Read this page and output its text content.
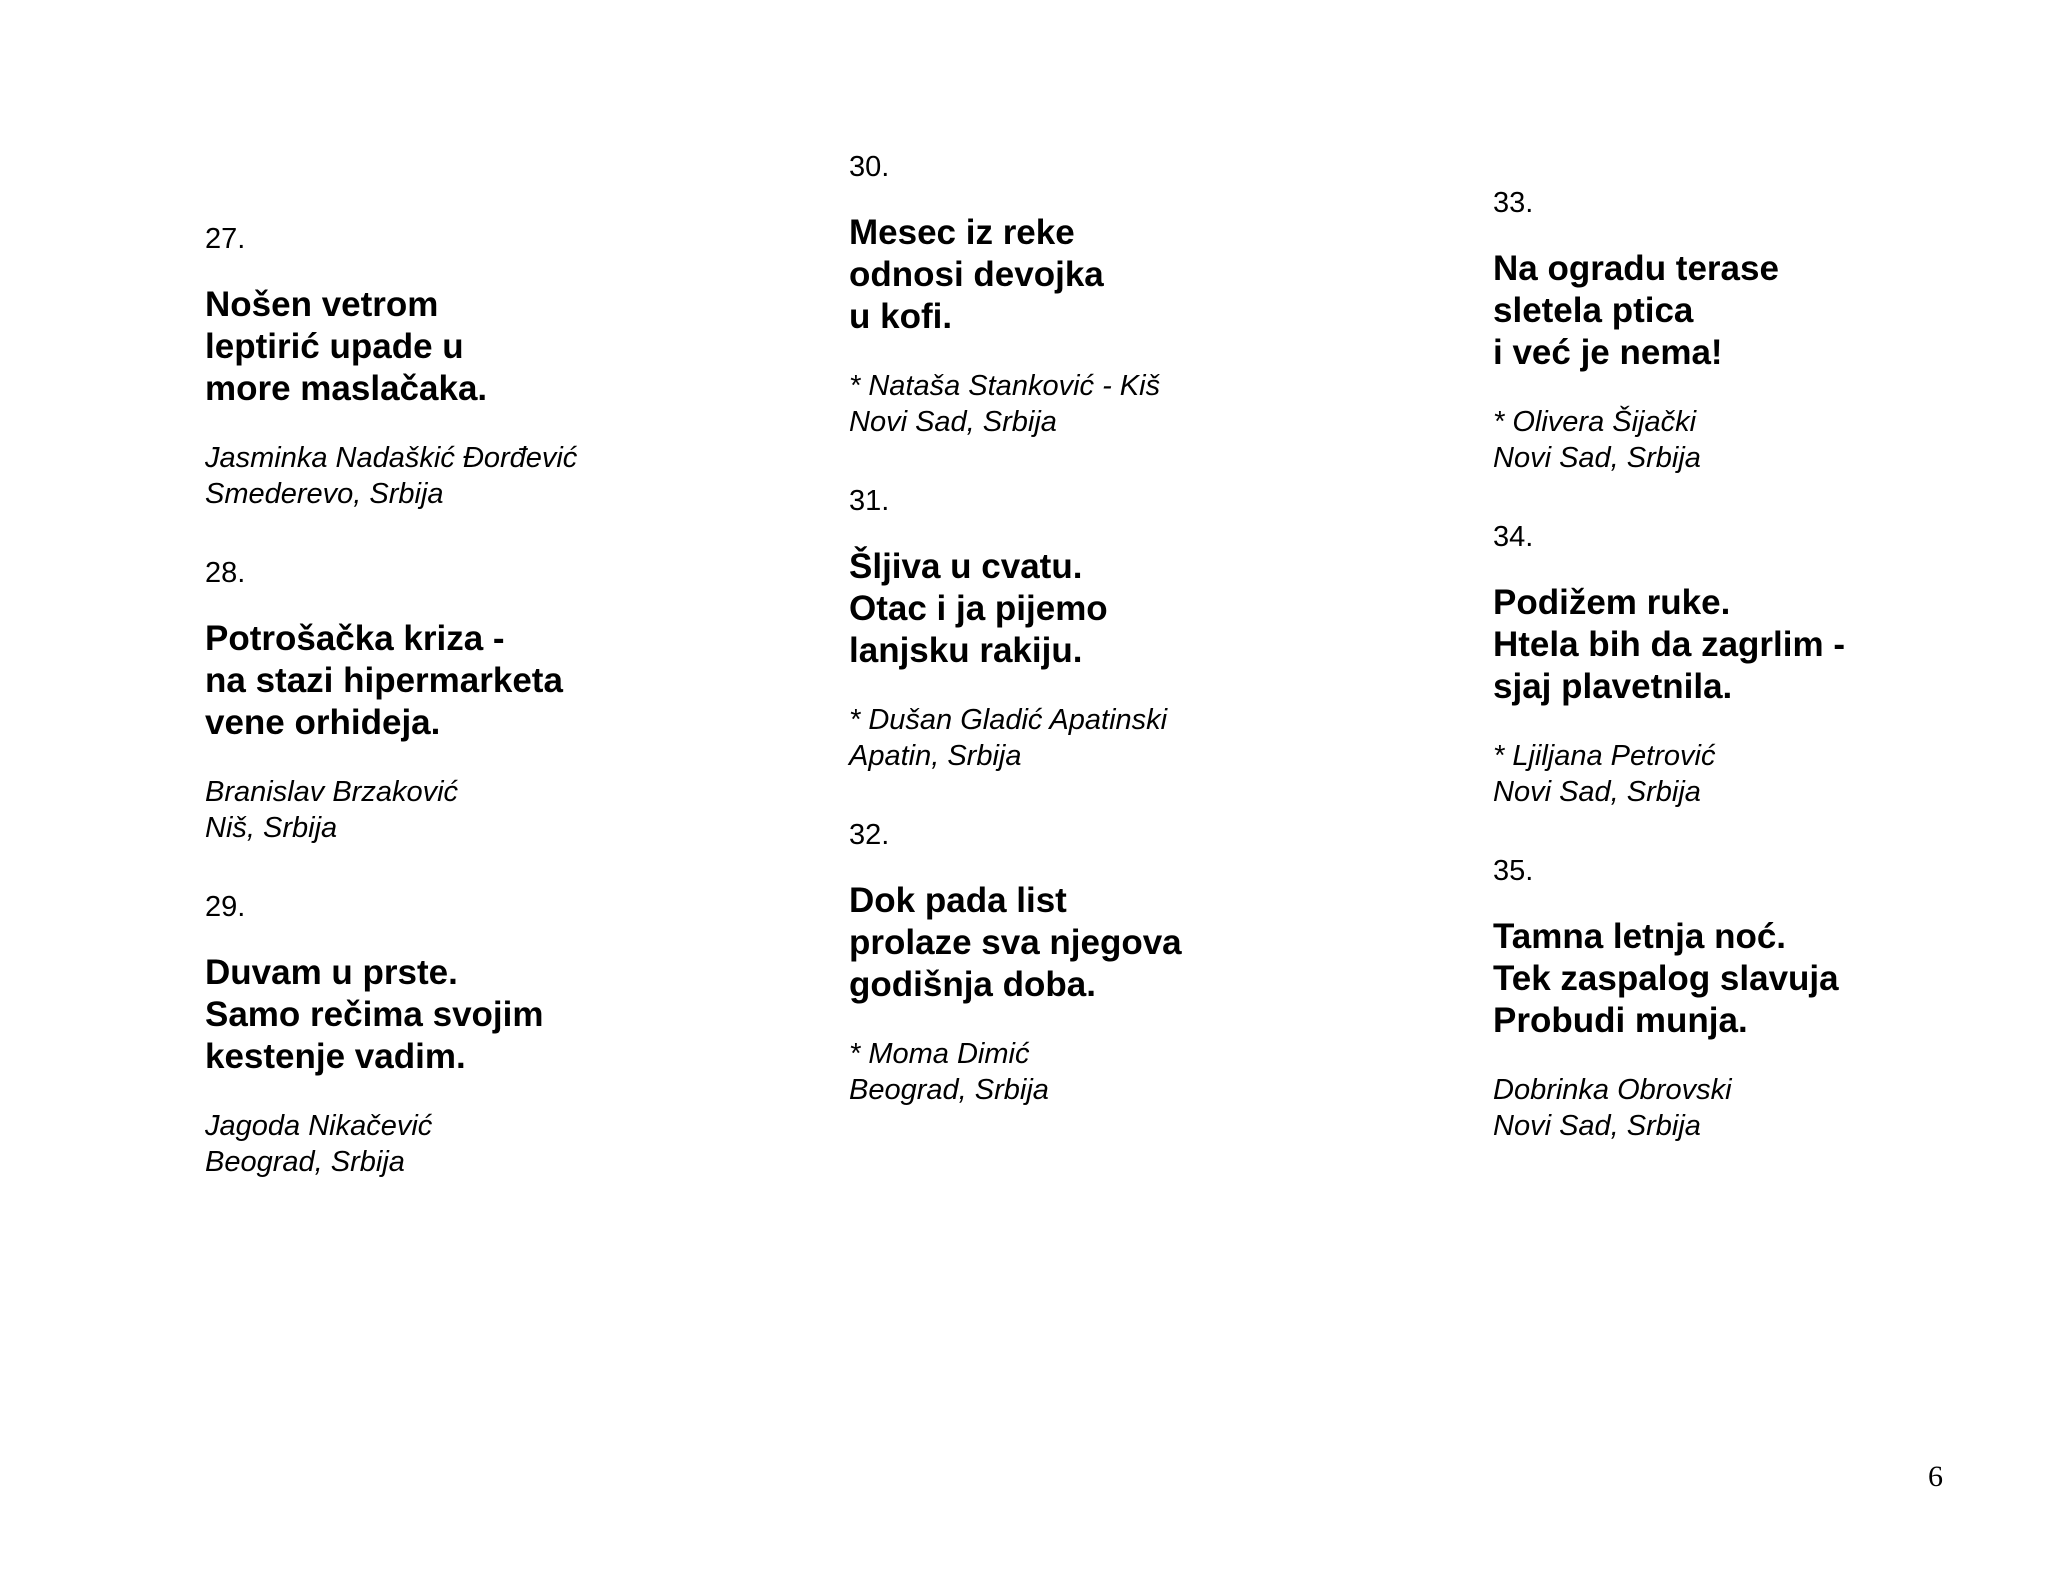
27.
Nošen vetrom
leptirić upade u
more maslačaka.
Jasminka Nadaškić Đorđević
Smederevo, Srbija
28.
Potrošačka kriza -
na stazi hipermarketa
vene orhideja.
Branislav Brzaković
Niš, Srbija
29.
Duvam u prste.
Samo rečima svojim
kestenje vadim.
Jagoda Nikačević
Beograd, Srbija
30.
Mesec iz reke
odnosi devojka
u kofi.
* Nataša Stanković - Kiš
Novi Sad, Srbija
31.
Šljiva u cvatu.
Otac i ja pijemo
lanjsku rakiju.
* Dušan Gladić Apatinski
Apatin, Srbija
32.
Dok pada list
prolaze sva njegova
godišnja doba.
* Moma Dimić
Beograd, Srbija
33.
Na ogradu terase
sletela ptica
i već je nema!
* Olivera Šijački
Novi Sad, Srbija
34.
Podižem ruke.
Htela bih da zagrlim -
sjaj plavetnila.
* Ljiljana Petrović
Novi Sad, Srbija
35.
Tamna letnja noć.
Tek zaspalog slavuja
Probudi munja.
Dobrinka Obrovski
Novi Sad, Srbija
6
